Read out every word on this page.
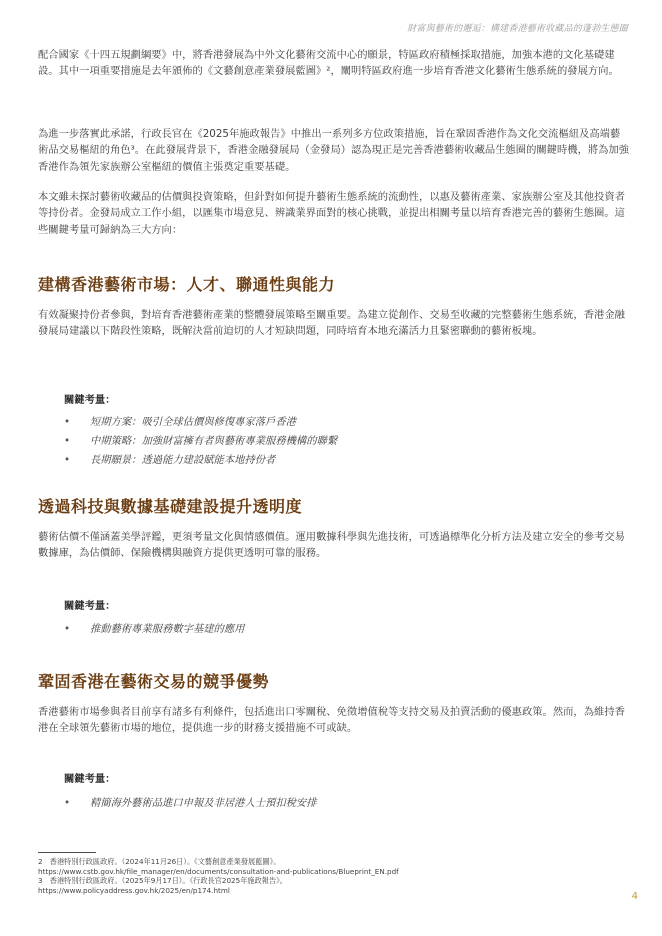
財富與藝術的邂逅：構建香港藝術收藏品的蓬勃生態圈

配合國家《十四五規劃綱要》中，將香港發展為中外文化藝術交流中心的願景，特區政府積極採取措施，加強本港的文化基礎建設。其中一項重要措施是去年頒佈的《文藝創意產業發展藍圖》²，闡明特區政府進一步培育香港文化藝術生態系統的發展方向。

為進一步落實此承諾，行政長官在《2025年施政報告》中推出一系列多方位政策措施，旨在鞏固香港作為文化交流樞紐及高端藝術品交易樞紐的角色³。在此發展背景下，香港金融發展局（金發局）認為現正是完善香港藝術收藏品生態圈的關鍵時機，將為加強香港作為領先家族辦公室樞紐的價值主張奠定重要基礎。

本文雖未探討藝術收藏品的估價與投資策略，但針對如何提升藝術生態系統的流動性，以惠及藝術產業、家族辦公室及其他投資者等持份者。金發局成立工作小組，以匯集市場意見、辨識業界面對的核心挑戰，並提出相關考量以培育香港完善的藝術生態圈。這些關鍵考量可歸納為三大方向：

建構香港藝術市場：人才、聯通性與能力

有效凝聚持份者參與，對培育香港藝術產業的整體發展策略至關重要。為建立從創作、交易至收藏的完整藝術生態系統，香港金融發展局建議以下階段性策略，既解決當前迫切的人才短缺問題，同時培育本地充滿活力且緊密聯動的藝術板塊。

關鍵考量：
• 短期方案：吸引全球估價與修復專家落戶香港
• 中期策略：加強財富擁有者與藝術專業服務機構的聯繫
• 長期願景：透過能力建設賦能本地持份者
透過科技與數據基礎建設提升透明度

藝術估價不僅涵蓋美學評鑑，更須考量文化與情感價值。運用數據科學與先進技術，可透過標準化分析方法及建立安全的參考交易數據庫，為估價師、保險機構與融資方提供更透明可靠的服務。

關鍵考量：
• 推動藝術專業服務數字基建的應用
鞏固香港在藝術交易的競爭優勢

香港藝術市場參與者目前享有諸多有利條件，包括進出口零關稅、免徵增值稅等支持交易及拍賣活動的優惠政策。然而，為維持香港在全球領先藝術市場的地位，提供進一步的財務支援措施不可或缺。

關鍵考量：
• 精簡海外藝術品進口申報及非居港人士預扣稅安排
2　香港特別行政區政府。（2024年11月26日）。《文藝創意產業發展藍圖》。
https://www.cstb.gov.hk/file_manager/en/documents/consultation-and-publications/Blueprint_EN.pdf
3　香港特別行政區政府。（2025年9月17日）。《行政長官2025年施政報告》。
https://www.policyaddress.gov.hk/2025/en/p174.html
4
